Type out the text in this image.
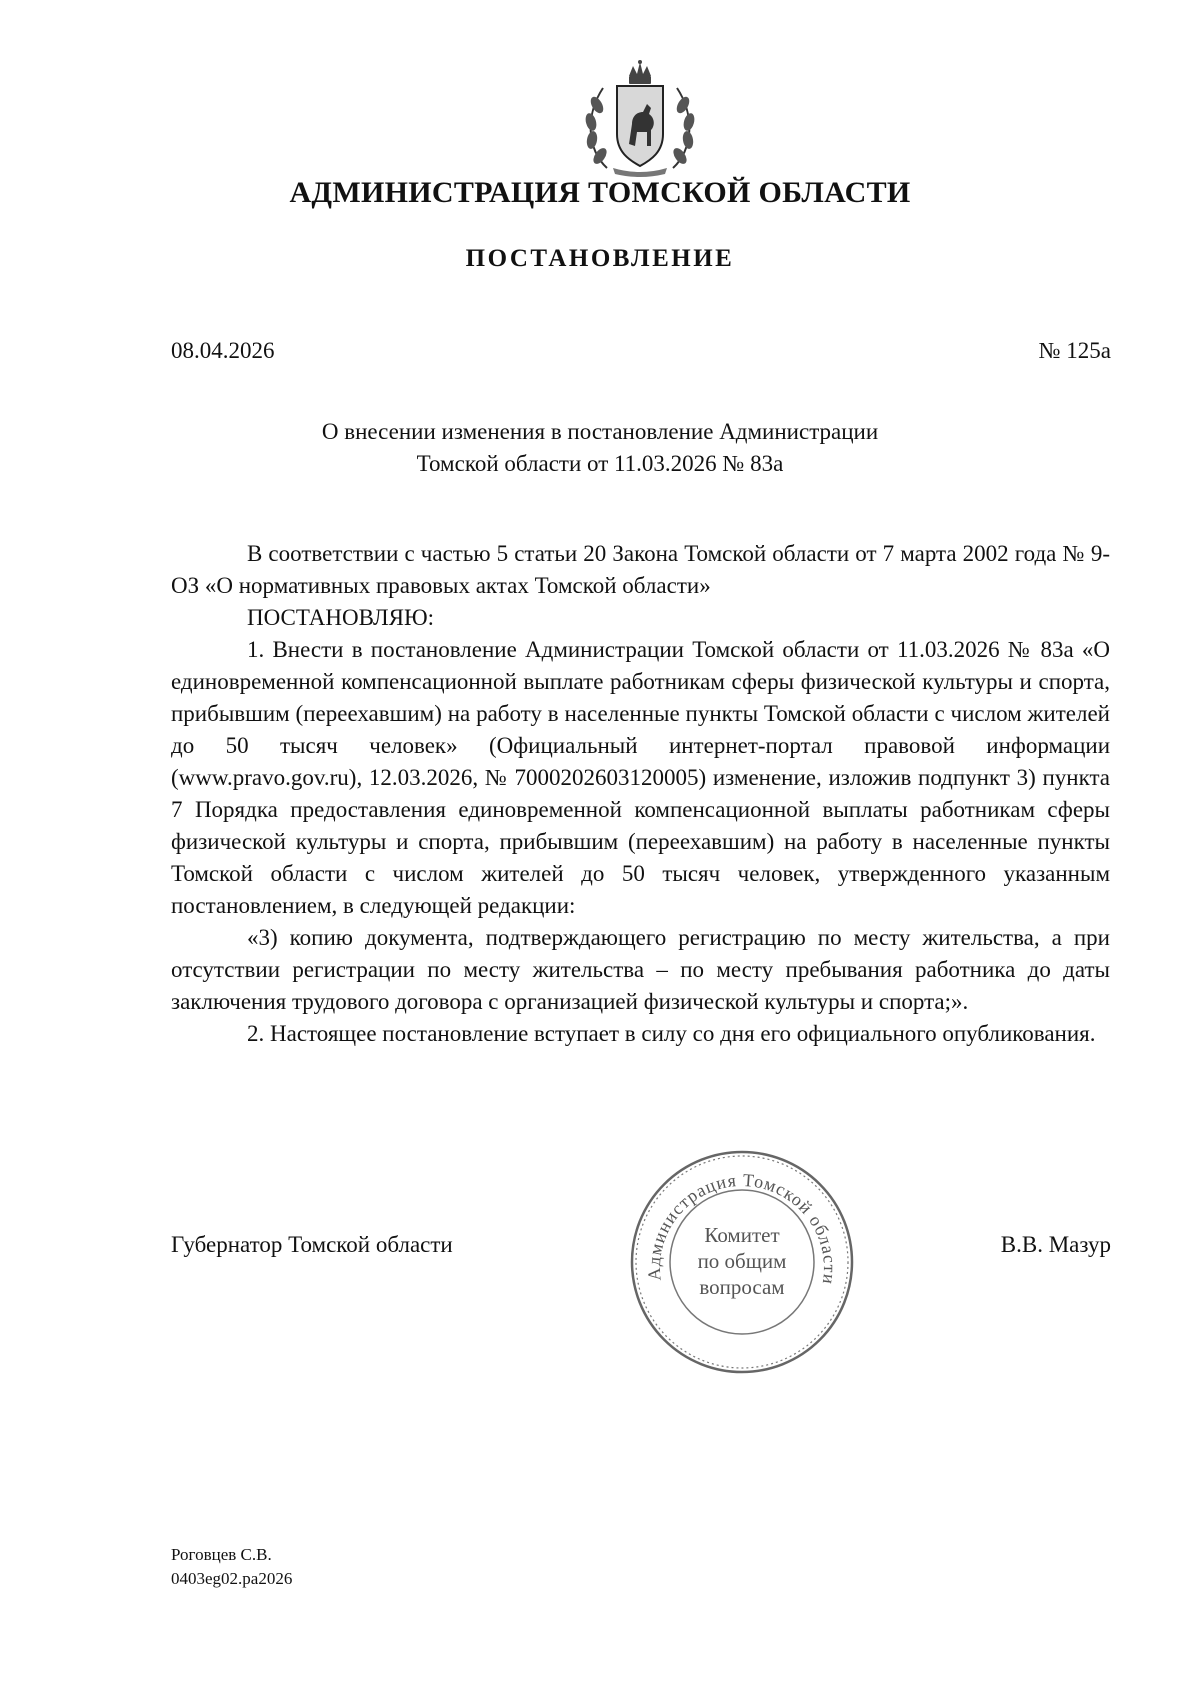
АДМИНИСТРАЦИЯ ТОМСКОЙ ОБЛАСТИ
ПОСТАНОВЛЕНИЕ
08.04.2026	№ 125а
О внесении изменения в постановление Администрации
Томской области от 11.03.2026 № 83а

В соответствии с частью 5 статьи 20 Закона Томской области от 7 марта 2002 года № 9-ОЗ «О нормативных правовых актах Томской области»

ПОСТАНОВЛЯЮ:

1. Внести в постановление Администрации Томской области от 11.03.2026 № 83а «О единовременной компенсационной выплате работникам сферы физической культуры и спорта, прибывшим (переехавшим) на работу в населенные пункты Томской области с числом жителей до 50 тысяч человек» (Официальный интернет-портал правовой информации (www.pravo.gov.ru), 12.03.2026, № 7000202603120005) изменение, изложив подпункт 3) пункта 7 Порядка предоставления единовременной компенсационной выплаты работникам сферы физической культуры и спорта, прибывшим (переехавшим) на работу в населенные пункты Томской области с числом жителей до 50 тысяч человек, утвержденного указанным постановлением, в следующей редакции:

«3) копию документа, подтверждающего регистрацию по месту жительства, а при отсутствии регистрации по месту жительства – по месту пребывания работника до даты заключения трудового договора с организацией физической культуры и спорта;».

2. Настоящее постановление вступает в силу со дня его официального опубликования.

Губернатор Томской области	В.В. Мазур
Администрация Томской области
Комитет
по общим
вопросам
Роговцев С.В.
0403eg02.pa2026
